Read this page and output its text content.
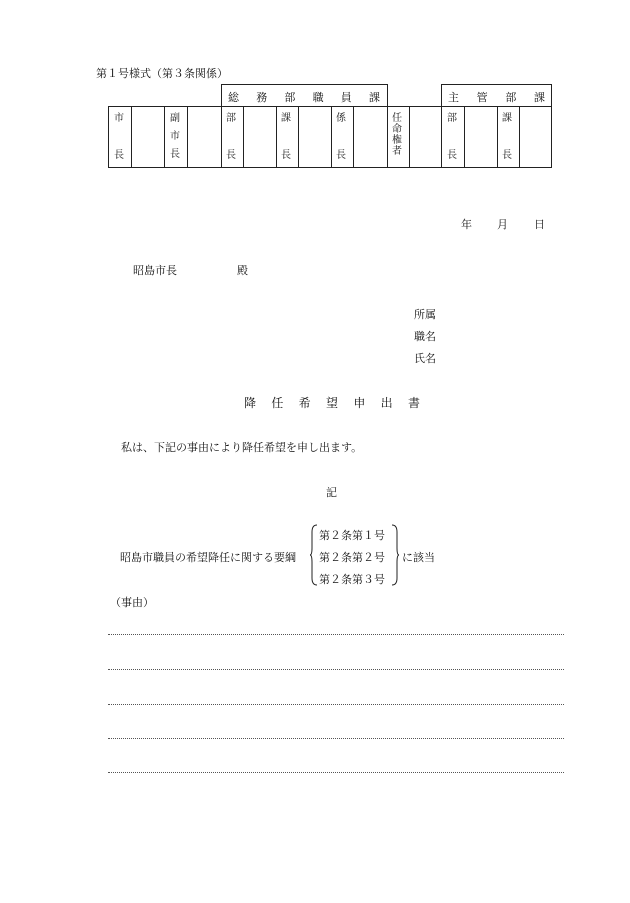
第１号様式（第３条関係）
総 務 部 職 員 課	主 管 部 課
市
長
副
市
長
部
長
課
長
係
長
任
命
権
者
部
長
課
長
年 月 日
昭島市長	殿
所属
職名
氏名
降 任 希 望 申 出 書
私は、下記の事由により降任希望を申し出ます。
記
昭島市職員の希望降任に関する要綱
第２条第１号
第２条第２号
第２条第３号
に該当
（事由）
